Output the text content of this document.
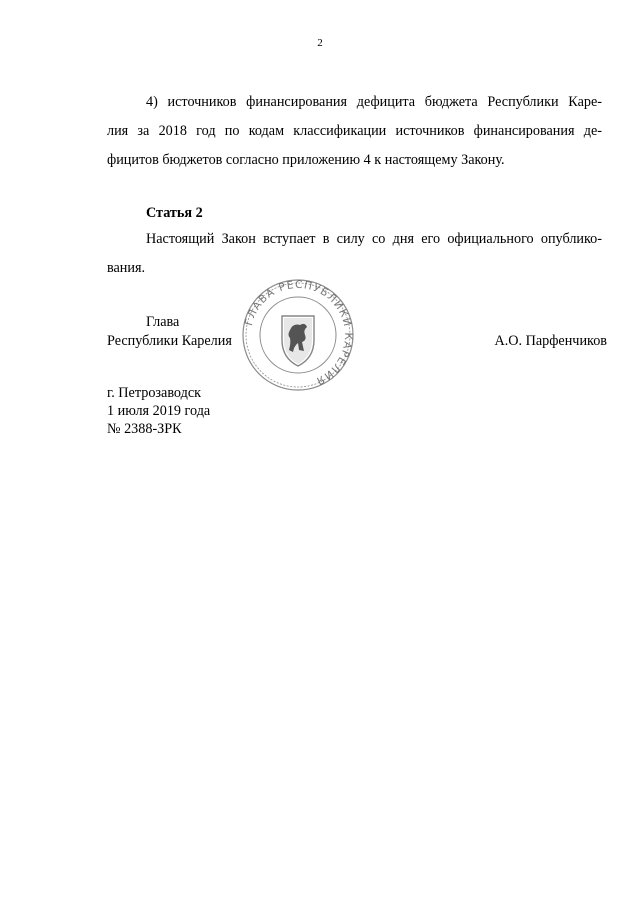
2
4) источников финансирования дефицита бюджета Республики Каре-
лия за 2018 год по кодам классификации источников финансирования де-
фицитов бюджетов согласно приложению 4 к настоящему Закону.
Статья 2
Настоящий Закон вступает в силу со дня его официального опублико-
вания.
ГЛАВА РЕСПУБЛИКИ КАРЕЛИЯ
Глава
Республики Карелия	А.О. Парфенчиков
г. Петрозаводск
1 июля 2019 года
№ 2388-ЗРК
